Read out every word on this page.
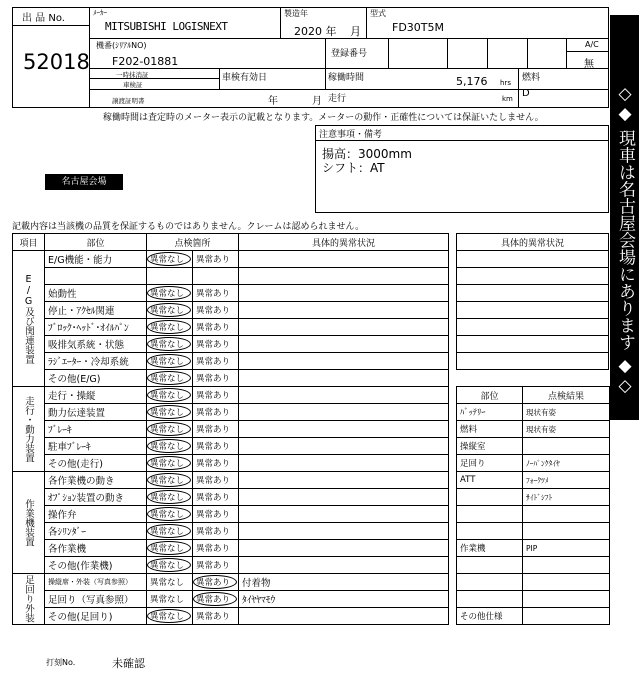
出 品 No.
52018
ﾒｰｶｰ
MITSUBISHI LOGISNEXT
製造年
2020 年 月
型式
FD30T5M
機番(ｼﾘｱﾙNO)
F202-01881
登録番号
A/C
無
一時抹消証
車検証
譲渡証明書
車検有効日
年	月
稼働時間	5,176 hrs 燃料
D
走行	km
稼働時間は査定時のメーター表示の記載となります。メーターの動作・正確性については保証いたしません。
注意事項・備考
揚高：3000mm
シフト：AT
名古屋会場	◇◆ 現車は名古屋会場にあります ◆◇
記載内容は当該機の品質を保証するものではありません。クレームは認められません。
項目	部位	点検箇所		具体的異常状況
E/G及び関連装置	E/G機能・能力	異常なし	異常あり	

	始動性	異常なし	異常あり	
	停止・ｱｸｾﾙ関連	異常なし	異常あり	
	ﾌﾞﾛｯｸ･ﾍｯﾄﾞ･ｵｲﾙﾊﾟﾝ	異常なし	異常あり	
	吸排気系統・状態	異常なし	異常あり	
	ﾗｼﾞｴｰﾀｰ・冷却系統	異常なし	異常あり	
	その他(E/G)	異常なし	異常あり	
走行・動力装置	走行・操縦	異常なし	異常あり	
	動力伝達装置	異常なし	異常あり	
	ﾌﾞﾚｰｷ	異常なし	異常あり	
	駐車ﾌﾞﾚｰｷ	異常なし	異常あり	
	その他(走行)	異常なし	異常あり	
作業機装置	各作業機の動き	異常なし	異常あり	
	ｵﾌﾟｼｮﾝ装置の動き	異常なし	異常あり	
	操作弁	異常なし	異常あり	
	各ｼﾘﾝﾀﾞｰ	異常なし	異常あり	
	各作業機	異常なし	異常あり	
	その他(作業機)	異常なし	異常あり	
足回り外装	操縦席・外装（写真参照）	異常なし	異常あり	付着物
	足回り（写真参照）	異常なし	異常あり	ﾀｲﾔﾔﾏﾓｳ
	その他(足回り)	異常なし	異常あり	
具体的異常状況

部位	点検結果
ﾊﾞｯﾃﾘｰ	現状有姿
燃料	現状有姿
操縦室	
足回り	ﾉｰﾊﾟﾝｸﾀｲﾔ
ATT	ﾌｫｰｸﾂﾒ
	ｻｲﾄﾞｼﾌﾄ

作業機	PIP

その他仕様	
打刻No.	未確認
